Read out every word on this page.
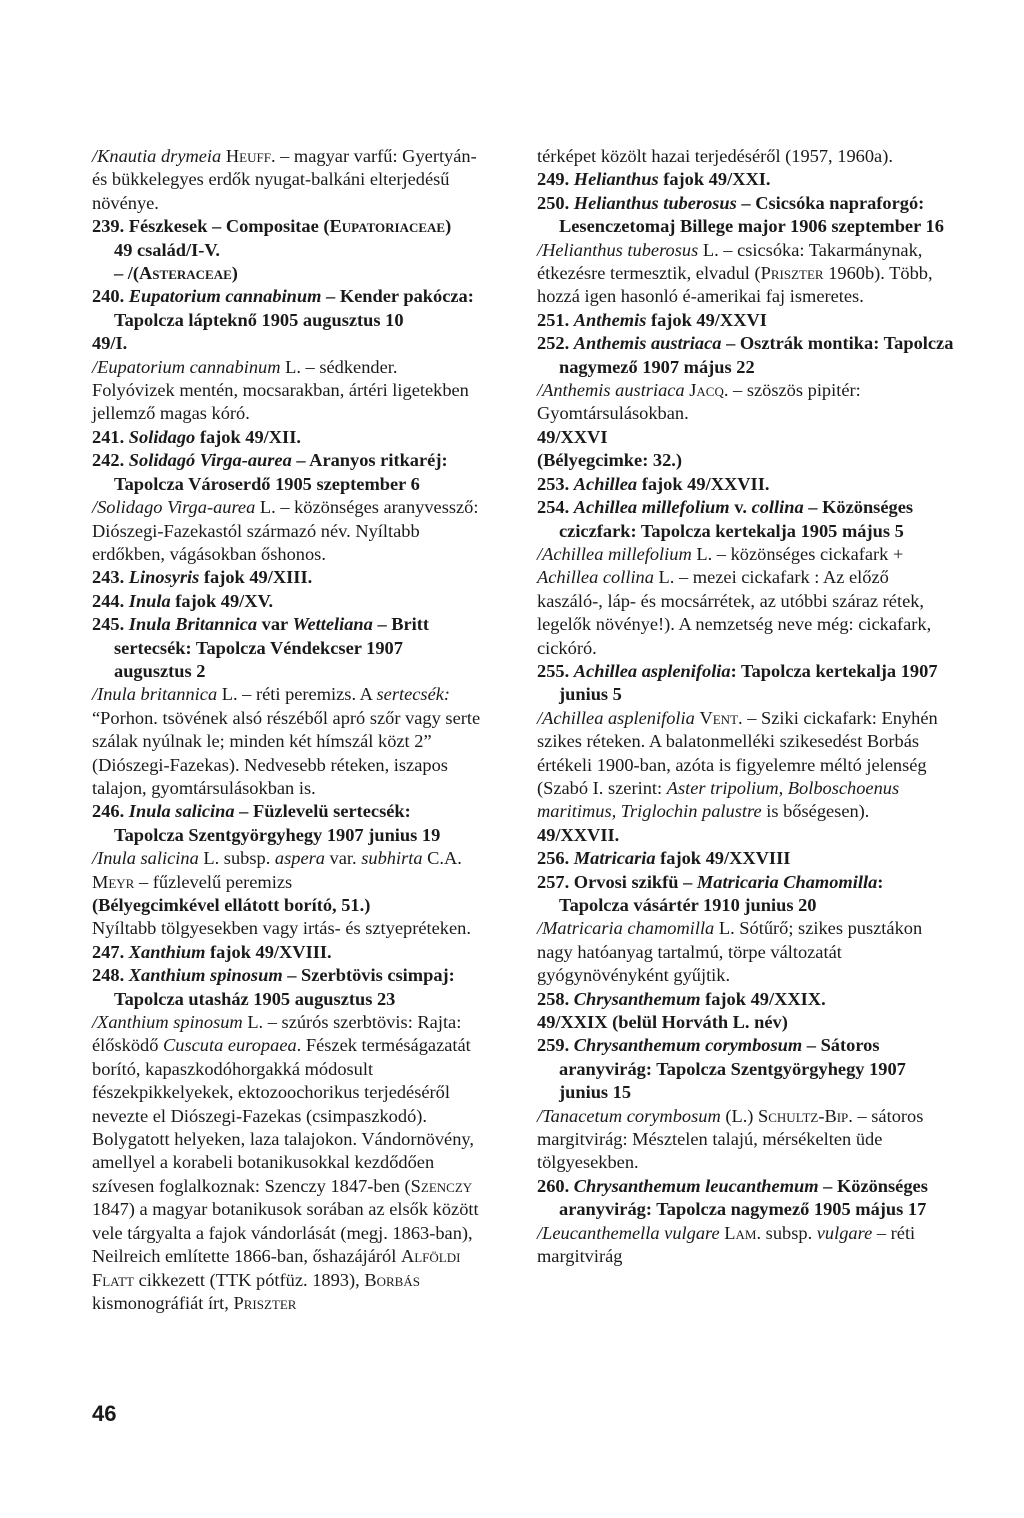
/Knautia drymeia Heuff. – magyar varfű: Gyertyán- és bükkelegyes erdők nyugat-balkáni elterjedésű növénye.

239. Fészkesek – Compositae (Eupatoriaceae)

49 család/I-V.

– /(Asteraceae)

240. Eupatorium cannabinum – Kender pakócza: Tapolcza lápteknő 1905 augusztus 10

49/I.

/Eupatorium cannabinum L. – sédkender. Folyóvizek mentén, mocsarakban, ártéri ligetekben jellemző magas kóró.

241. Solidago fajok 49/XII.

242. Solidagó Virga-aurea – Aranyos ritkaréj: Tapolcza Városerdő 1905 szeptember 6

/Solidago Virga-aurea L. – közönséges aranyvessző: Diószegi-Fazekastól származó név. Nyíltabb erdőkben, vágásokban őshonos.

243. Linosyris fajok 49/XIII.

244. Inula fajok 49/XV.

245. Inula Britannica var Wetteliana – Britt sertecsék: Tapolcza Véndekcser 1907 augusztus 2

/Inula britannica L. – réti peremizs. A sertecsék: “Porhon. tsövének alsó részéből apró szőr vagy serte szálak nyúlnak le; minden két hímszál közt 2” (Diószegi-Fazekas). Nedvesebb réteken, iszapos talajon, gyomtársulásokban is.

246. Inula salicina – Füzlevelü sertecsék: Tapolcza Szentgyörgyhegy 1907 junius 19

/Inula salicina L. subsp. aspera var. subhirta C.A. Meyr – fűzlevelű peremizs

(Bélyegcimkével ellátott borító, 51.)

Nyíltabb tölgyesekben vagy irtás- és sztyepréteken.

247. Xanthium fajok 49/XVIII.

248. Xanthium spinosum – Szerbtövis csimpaj: Tapolcza utasház 1905 augusztus 23

/Xanthium spinosum L. – szúrós szerbtövis: Rajta: élősködő Cuscuta europaea. Fészek terméságazatát borító, kapaszkodóhorgakká módosult fészekpikkelyekek, ektozoochorikus terjedéséről nevezte el Diószegi-Fazekas (csimpaszkodó). Bolygatott helyeken, laza talajokon. Vándornövény, amellyel a korabeli botanikusokkal kezdődően szívesen foglalkoznak: Szenczy 1847-ben (Szenczy 1847) a magyar botanikusok sorában az elsők között vele tárgyalta a fajok vándorlását (megj. 1863-ban), Neilreich említette 1866-ban, őshazájáról Alföldi Flatt cikkezett (TTK pótfüz. 1893), Borbás kismonográfiát írt, Priszter

térképet közölt hazai terjedéséről (1957, 1960a).

249. Helianthus fajok 49/XXI.

250. Helianthus tuberosus – Csicsóka napraforgó: Lesenczetomaj Billege major 1906 szeptember 16

/Helianthus tuberosus L. – csicsóka: Takarmánynak, étkezésre termesztik, elvadul (Priszter 1960b). Több, hozzá igen hasonló é-amerikai faj ismeretes.

251. Anthemis fajok 49/XXVI

252. Anthemis austriaca – Osztrák montika: Tapolcza nagymező 1907 május 22

/Anthemis austriaca Jacq. – szöszös pipitér: Gyomtársulásokban.

49/XXVI

(Bélyegcimke: 32.)

253. Achillea fajok 49/XXVII.

254. Achillea millefolium v. collina – Közönséges cziczfark: Tapolcza kertekalja 1905 május 5

/Achillea millefolium L. – közönséges cickafark + Achillea collina L. – mezei cickafark : Az előző kaszáló-, láp- és mocsárrétek, az utóbbi száraz rétek, legelők növénye!). A nemzetség neve még: cickafark, cickóró.

255. Achillea asplenifolia: Tapolcza kertekalja 1907 junius 5

/Achillea asplenifolia Vent. – Sziki cickafark: Enyhén szikes réteken. A balatonmelléki szikesedést Borbás értékeli 1900-ban, azóta is figyelemre méltó jelenség (Szabó I. szerint: Aster tripolium, Bolboschoenus maritimus, Triglochin palustre is bőségesen).

49/XXVII.

256. Matricaria fajok 49/XXVIII

257. Orvosi szikfü – Matricaria Chamomilla: Tapolcza vásártér 1910 junius 20

/Matricaria chamomilla L. Sótűrő; szikes pusztákon nagy hatóanyag tartalmú, törpe változatát gyógynövényként gyűjtik.

258. Chrysanthemum fajok 49/XXIX.

49/XXIX (belül Horváth L. név)

259. Chrysanthemum corymbosum – Sátoros aranyvirág: Tapolcza Szentgyörgyhegy 1907 junius 15

/Tanacetum corymbosum (L.) Schultz-Bip. – sátoros margitvirág: Mésztelen talajú, mérsékelten üde tölgyesekben.

260. Chrysanthemum leucanthemum – Közönséges aranyvirág: Tapolcza nagymező 1905 május 17

/Leucanthemella vulgare Lam. subsp. vulgare – réti margitvirág

46
